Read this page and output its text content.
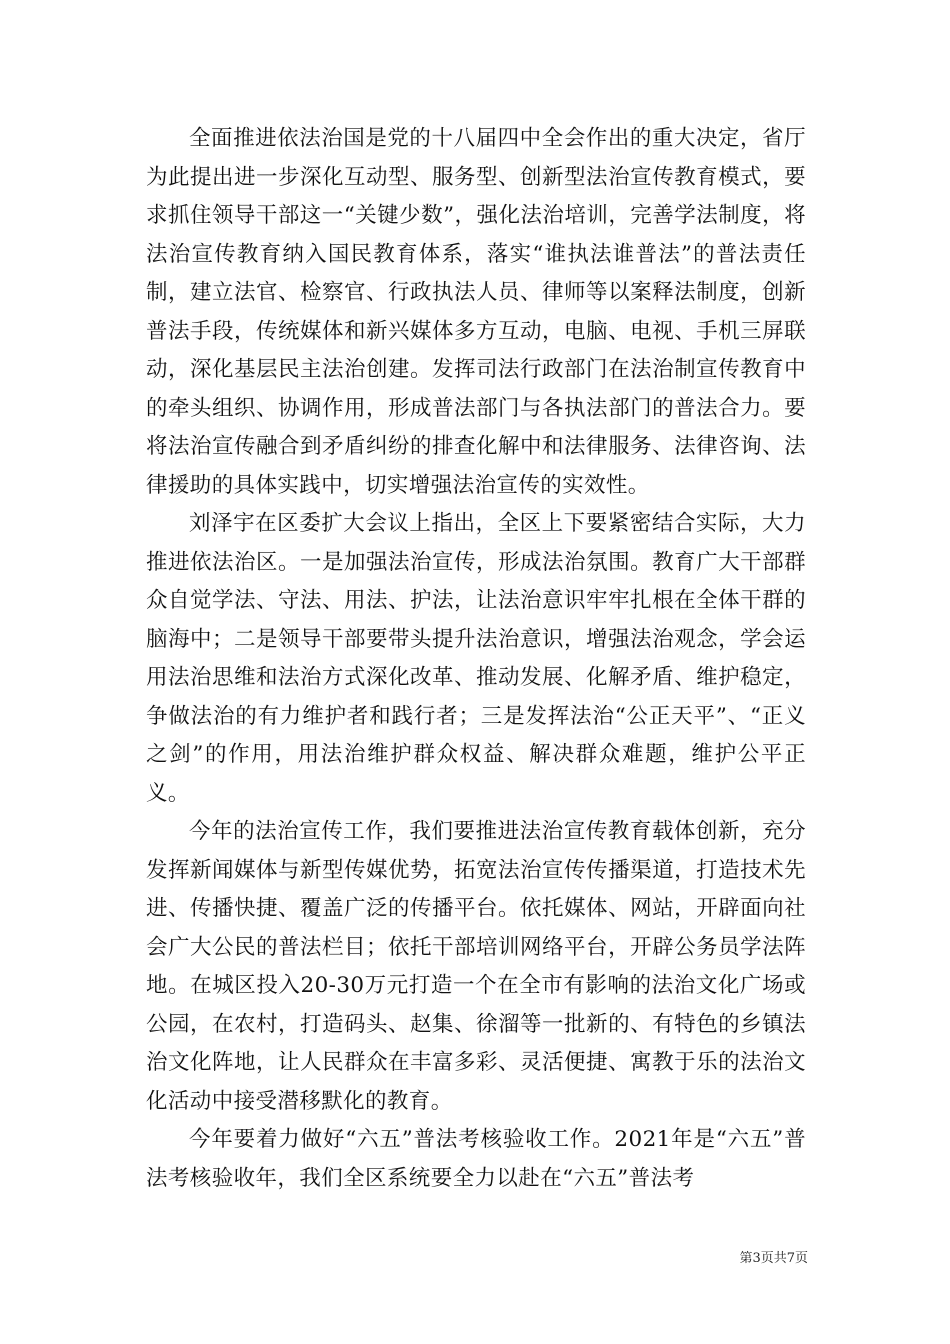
全面推进依法治国是党的十八届四中全会作出的重大决定，省厅为此提出进一步深化互动型、服务型、创新型法治宣传教育模式，要求抓住领导干部这一“关键少数”，强化法治培训，完善学法制度，将法治宣传教育纳入国民教育体系，落实“谁执法谁普法”的普法责任制，建立法官、检察官、行政执法人员、律师等以案释法制度，创新普法手段，传统媒体和新兴媒体多方互动，电脑、电视、手机三屏联动，深化基层民主法治创建。发挥司法行政部门在法治制宣传教育中的牵头组织、协调作用，形成普法部门与各执法部门的普法合力。要将法治宣传融合到矛盾纠纷的排查化解中和法律服务、法律咨询、法律援助的具体实践中，切实增强法治宣传的实效性。

刘泽宇在区委扩大会议上指出，全区上下要紧密结合实际，大力推进依法治区。一是加强法治宣传，形成法治氛围。教育广大干部群众自觉学法、守法、用法、护法，让法治意识牢牢扎根在全体干群的脑海中；二是领导干部要带头提升法治意识，增强法治观念，学会运用法治思维和法治方式深化改革、推动发展、化解矛盾、维护稳定，争做法治的有力维护者和践行者；三是发挥法治“公正天平”、“正义之剑”的作用，用法治维护群众权益、解决群众难题，维护公平正义。

今年的法治宣传工作，我们要推进法治宣传教育载体创新，充分发挥新闻媒体与新型传媒优势，拓宽法治宣传传播渠道，打造技术先进、传播快捷、覆盖广泛的传播平台。依托媒体、网站，开辟面向社会广大公民的普法栏目；依托干部培训网络平台，开辟公务员学法阵地。在城区投入20-30万元打造一个在全市有影响的法治文化广场或公园，在农村，打造码头、赵集、徐溜等一批新的、有特色的乡镇法治文化阵地，让人民群众在丰富多彩、灵活便捷、寓教于乐的法治文化活动中接受潜移默化的教育。

今年要着力做好“六五”普法考核验收工作。2021年是“六五”普法考核验收年，我们全区系统要全力以赴在“六五”普法考

第3页共7页
